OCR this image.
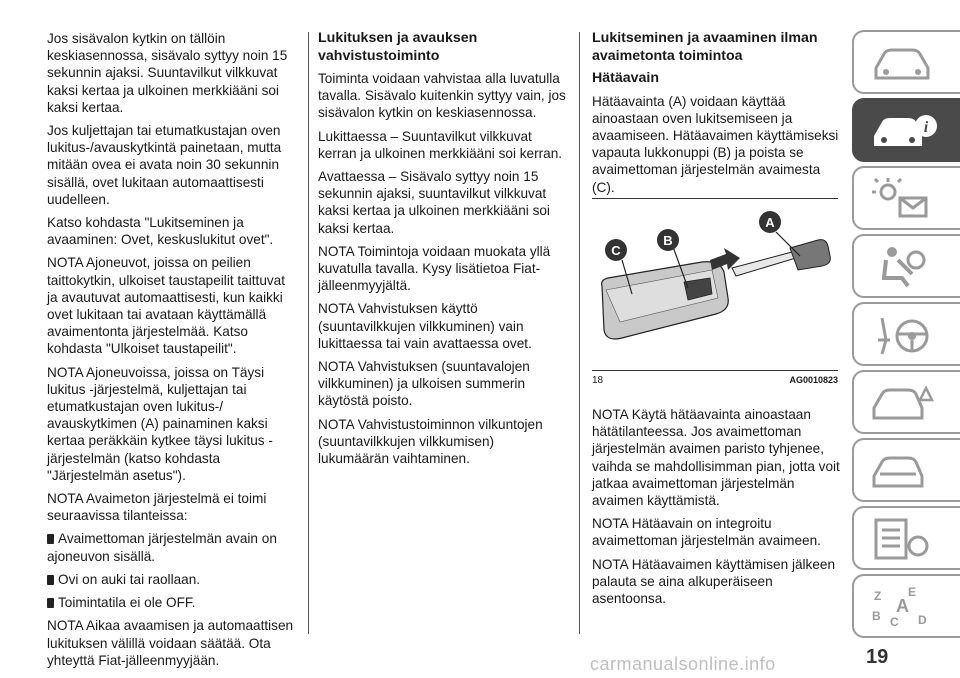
Jos sisävalon kytkin on tällöin keskiasennossa, sisävalo syttyy noin 15 sekunnin ajaksi. Suuntavilkut vilkkuvat kaksi kertaa ja ulkoinen merkkiääni soi kaksi kertaa.

Jos kuljettajan tai etumatkustajan oven lukitus-/avauskytkintä painetaan, mutta mitään ovea ei avata noin 30 sekunnin sisällä, ovet lukitaan automaattisesti uudelleen.

Katso kohdasta "Lukitseminen ja avaaminen: Ovet, keskuslukitut ovet".

NOTA Ajoneuvot, joissa on peilien taittokytkin, ulkoiset taustapeilit taittuvat ja avautuvat automaattisesti, kun kaikki ovet lukitaan tai avataan käyttämällä avaimentonta järjestelmää. Katso kohdasta "Ulkoiset taustapeilit".

NOTA Ajoneuvoissa, joissa on Täysi lukitus -järjestelmä, kuljettajan tai etumatkustajan oven lukitus-/ avauskytkimen (A) painaminen kaksi kertaa peräkkäin kytkee täysi lukitus -järjestelmän (katso kohdasta "Järjestelmän asetus").

NOTA Avaimeton järjestelmä ei toimi seuraavissa tilanteissa:

Avaimettoman järjestelmän avain on ajoneuvon sisällä.
Ovi on auki tai raollaan.
Toimintatila ei ole OFF.

NOTA Aikaa avaamisen ja automaattisen lukituksen välillä voidaan säätää. Ota yhteyttä Fiat-jälleenmyyjään.

Lukituksen ja avauksen vahvistustoiminto

Toiminta voidaan vahvistaa alla luvatulla tavalla. Sisävalo kuitenkin syttyy vain, jos sisävalon kytkin on keskiasennossa.

Lukittaessa – Suuntavilkut vilkkuvat kerran ja ulkoinen merkkiääni soi kerran.

Avattaessa – Sisävalo syttyy noin 15 sekunnin ajaksi, suuntavilkut vilkkuvat kaksi kertaa ja ulkoinen merkkiääni soi kaksi kertaa.

NOTA Toimintoja voidaan muokata yllä kuvatulla tavalla. Kysy lisätietoa Fiat-jälleenmyyjältä.

NOTA Vahvistuksen käyttö (suuntavilkkujen vilkkuminen) vain lukittaessa tai vain avattaessa ovet.

NOTA Vahvistuksen (suuntavalojen vilkkuminen) ja ulkoisen summerin käytöstä poisto.

NOTA Vahvistustoiminnon vilkuntojen (suuntavilkkujen vilkkumisen) lukumäärän vaihtaminen.

Lukitseminen ja avaaminen ilman avaimetonta toimintoa

Hätäavain

Hätäavainta (A) voidaan käyttää ainoastaan oven lukitsemiseen ja avaamiseen. Hätäavaimen käyttämiseksi vapauta lukkonuppi (B) ja poista se avaimettoman järjestelmän avaimesta (C).

NOTA Käytä hätäavainta ainoastaan hätätilanteessa. Jos avaimettoman järjestelmän avaimen paristo tyhjenee, vaihda se mahdollisimman pian, jotta voit jatkaa avaimettoman järjestelmän avaimen käyttämistä.

NOTA Hätäavain on integroitu avaimettoman järjestelmän avaimeen.

NOTA Hätäavaimen käyttämisen jälkeen palauta se aina alkuperäiseen asentoonsa.

C
B
A
18	AG0010823
i
Z E
B C
A
D
19
carmanualsonline.info
